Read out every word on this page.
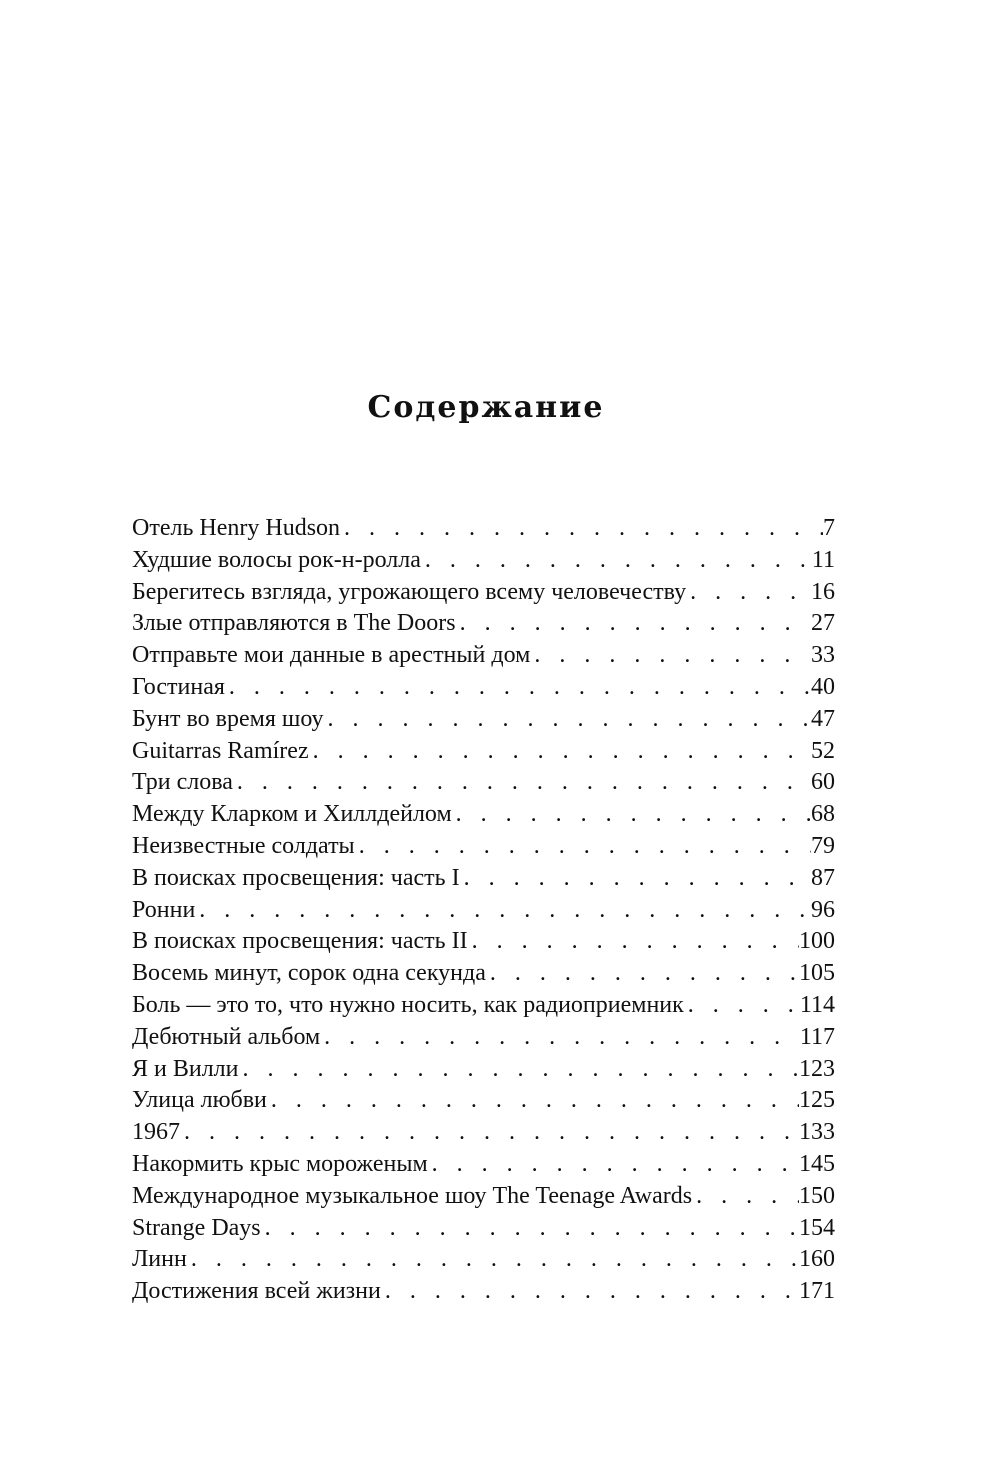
Содержание
Отель Henry Hudson . . .	7
Худшие волосы рок-н-ролла . . .	11
Берегитесь взгляда, угрожающего всему человечеству . . .	16
Злые отправляются в The Doors . . .	27
Отправьте мои данные в арестный дом . . .	33
Гостиная . . .	40
Бунт во время шоу . . .	47
Guitarras Ramírez . . .	52
Три слова . . .	60
Между Кларком и Хиллдейлом . . .	68
Неизвестные солдаты . . .	79
В поисках просвещения: часть I . . .	87
Ронни . . .	96
В поисках просвещения: часть II . . .	100
Восемь минут, сорок одна секунда . . .	105
Боль — это то, что нужно носить, как радиоприемник . . .	114
Дебютный альбом . . .	117
Я и Вилли . . .	123
Улица любви . . .	125
1967 . . .	133
Накормить крыс мороженым . . .	145
Международное музыкальное шоу The Teenage Awards . . .	150
Strange Days . . .	154
Линн . . .	160
Достижения всей жизни . . .	171
